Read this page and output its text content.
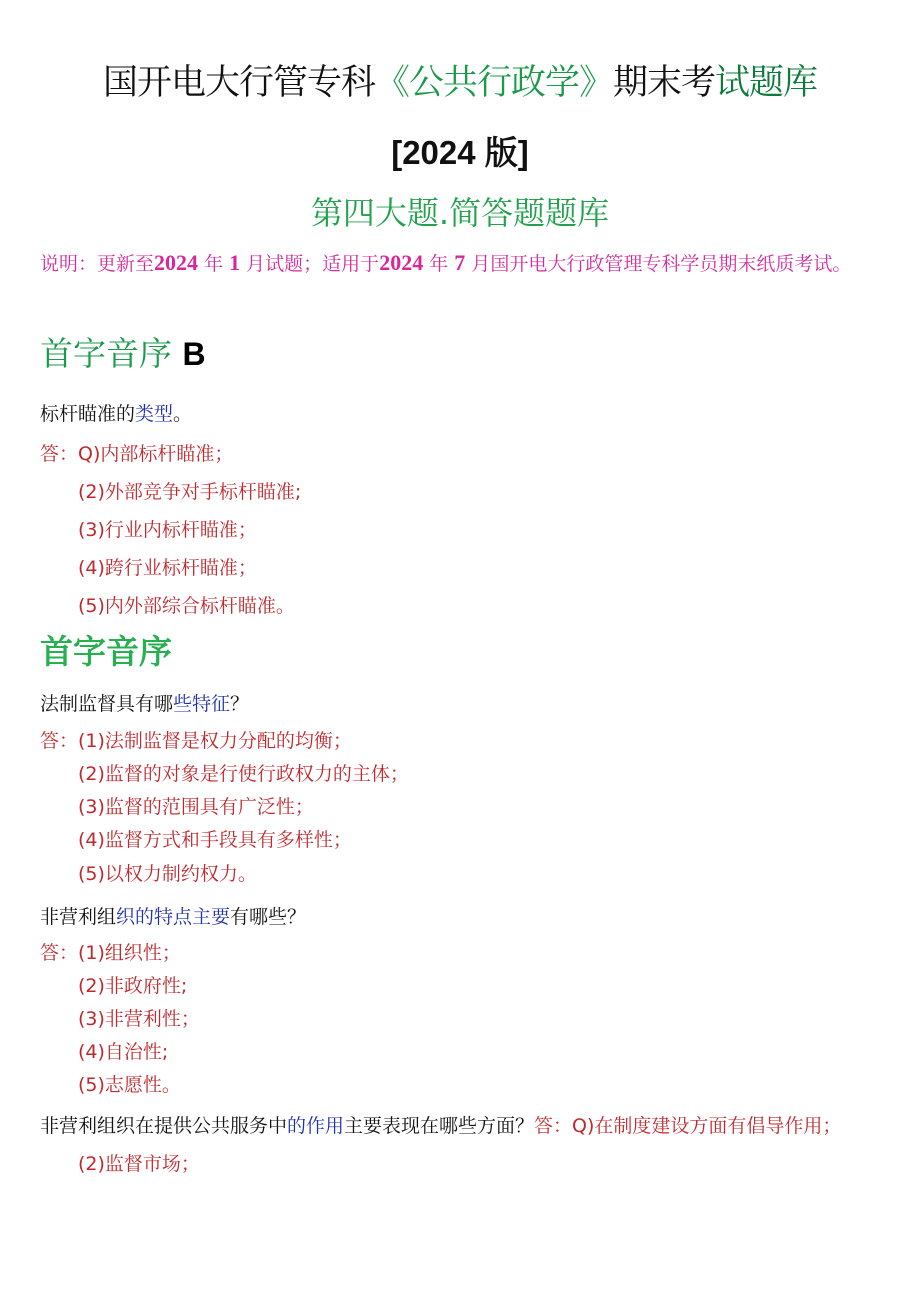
国开电大行管专科《公共行政学》期末考试题库
[2024 版]
第四大题.简答题题库
说明：更新至2024 年 1 月试题；适用于2024 年 7 月国开电大行政管理专科学员期末纸质考试。
首字音序 B
标杆瞄准的类型。
答：Q)内部标杆瞄准；
(2)外部竞争对手标杆瞄准;
(3)行业内标杆瞄准；
(4)跨行业标杆瞄准；
(5)内外部综合标杆瞄准。
首字音序
法制监督具有哪些特征？
答：(1)法制监督是权力分配的均衡；
(2)监督的对象是行使行政权力的主体；
(3)监督的范围具有广泛性；
(4)监督方式和手段具有多样性；
(5)以权力制约权力。
非营利组织的特点主要有哪些？
答：(1)组织性；
(2)非政府性;
(3)非营利性；
(4)自治性;
(5)志愿性。
非营利组织在提供公共服务中的作用主要表现在哪些方面？答：Q)在制度建设方面有倡导作用；
(2)监督市场；
